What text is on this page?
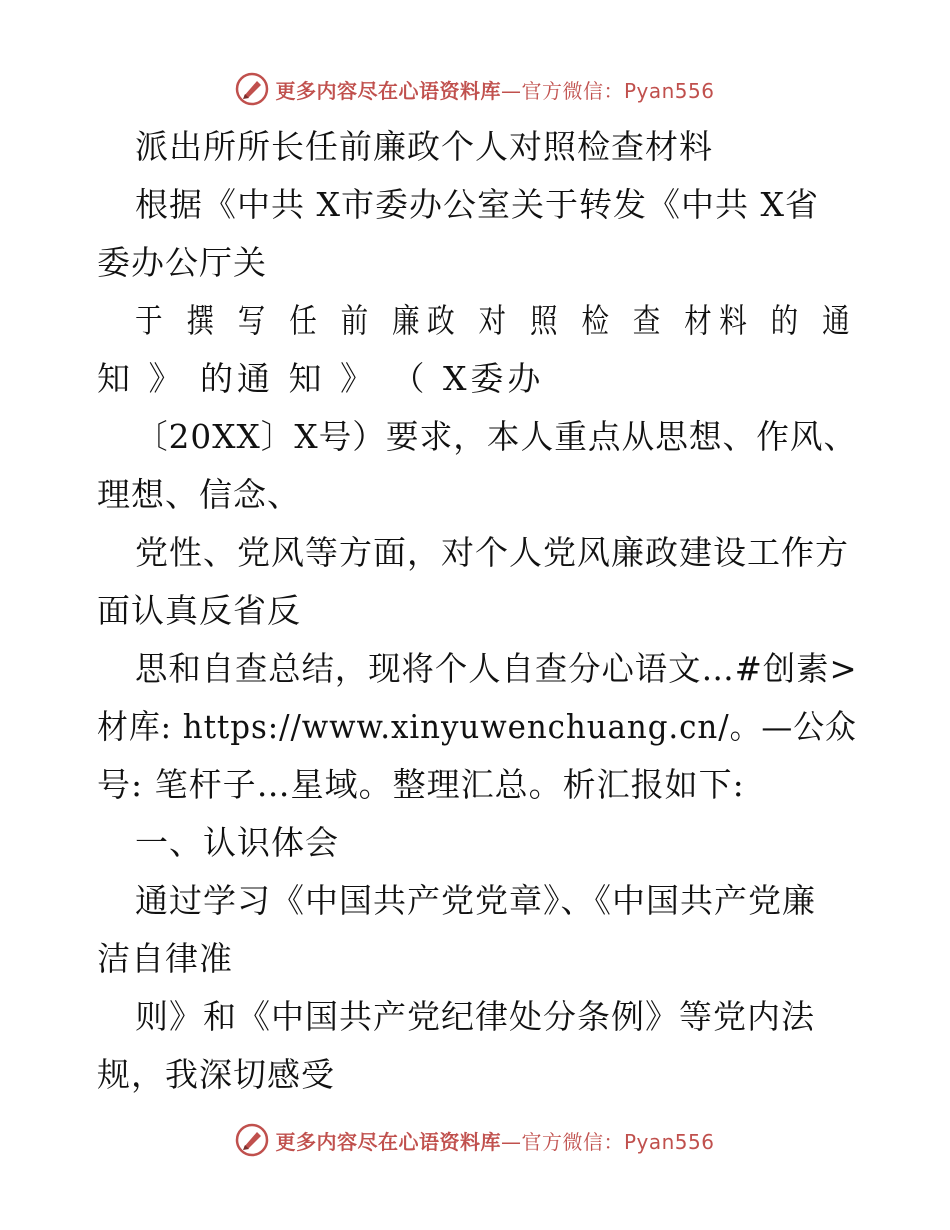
更多内容尽在心语资料库—官方微信：Pyan556
派出所所长任前廉政个人对照检查材料
根据《中共 X市委办公室关于转发《中共 X省
委办公厅关
于 撰 写 任 前 廉政 对 照 检 查 材料 的 通
知 》 的通 知 》 （ X委办
〔20XX〕X号）要求，本人重点从思想、作风、
理想、信念、
党性、党风等方面，对个人党风廉政建设工作方
面认真反省反
思和自查总结，现将个人自查分心语文…#创素>
材库: https://www.xinyuwenchuang.cn/。—公众
号: 笔杆子…星域。整理汇总。析汇报如下:
一、认识体会
通过学习《中国共产党党章》、《中国共产党廉
洁自律准
则》和《中国共产党纪律处分条例》等党内法
规，我深切感受
更多内容尽在心语资料库—官方微信：Pyan556
